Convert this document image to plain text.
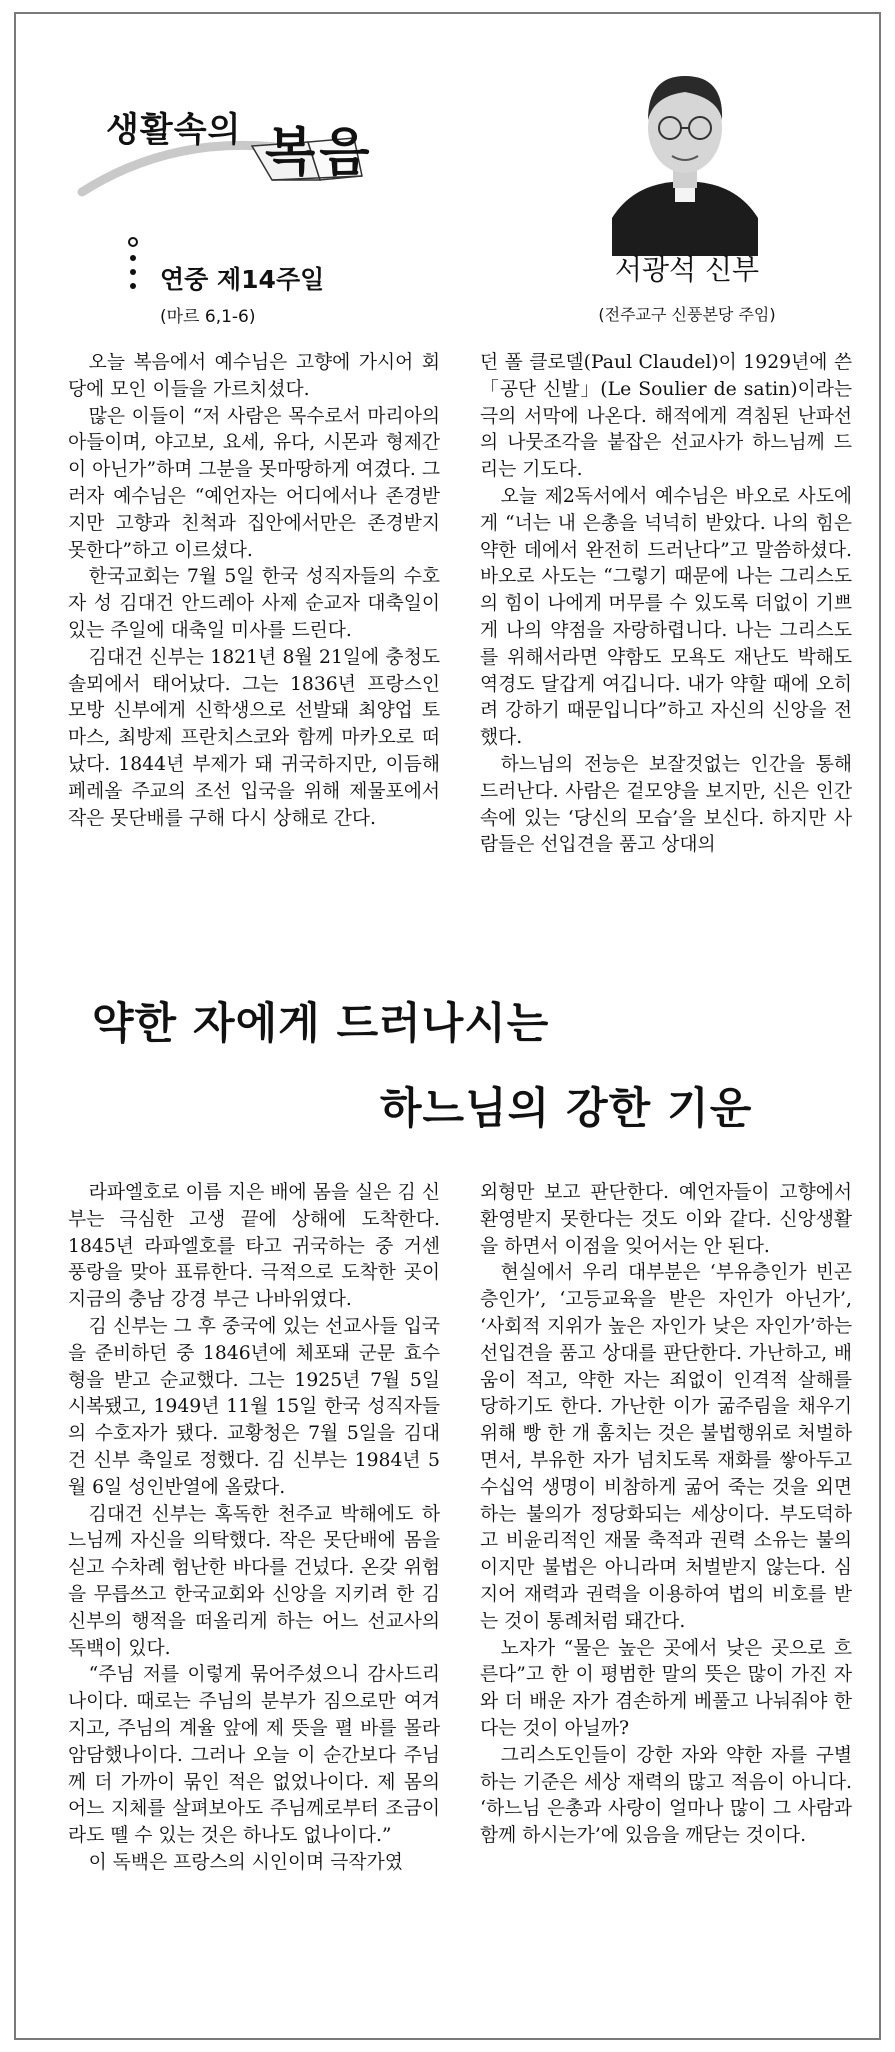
생활속의 복음
연중 제14주일
(마르 6,1-6)
서광석 신부
(전주교구 신풍본당 주임)

오늘 복음에서 예수님은 고향에 가시어 회당에 모인 이들을 가르치셨다.

많은 이들이 “저 사람은 목수로서 마리아의 아들이며, 야고보, 요세, 유다, 시몬과 형제간이 아닌가”하며 그분을 못마땅하게 여겼다. 그러자 예수님은 “예언자는 어디에서나 존경받지만 고향과 친척과 집안에서만은 존경받지 못한다”하고 이르셨다.

한국교회는 7월 5일 한국 성직자들의 수호자 성 김대건 안드레아 사제 순교자 대축일이 있는 주일에 대축일 미사를 드린다.

김대건 신부는 1821년 8월 21일에 충청도 솔뫼에서 태어났다. 그는 1836년 프랑스인 모방 신부에게 신학생으로 선발돼 최양업 토마스, 최방제 프란치스코와 함께 마카오로 떠났다. 1844년 부제가 돼 귀국하지만, 이듬해 페레올 주교의 조선 입국을 위해 제물포에서 작은 못단배를 구해 다시 상해로 간다.

던 폴 클로델(Paul Claudel)이 1929년에 쓴 「공단 신발」(Le Soulier de satin)이라는 극의 서막에 나온다. 해적에게 격침된 난파선의 나뭇조각을 붙잡은 선교사가 하느님께 드리는 기도다.

오늘 제2독서에서 예수님은 바오로 사도에게 “너는 내 은총을 넉넉히 받았다. 나의 힘은 약한 데에서 완전히 드러난다”고 말씀하셨다. 바오로 사도는 “그렇기 때문에 나는 그리스도의 힘이 나에게 머무를 수 있도록 더없이 기쁘게 나의 약점을 자랑하렵니다. 나는 그리스도를 위해서라면 약함도 모욕도 재난도 박해도 역경도 달갑게 여깁니다. 내가 약할 때에 오히려 강하기 때문입니다”하고 자신의 신앙을 전했다.

하느님의 전능은 보잘것없는 인간을 통해 드러난다. 사람은 겉모양을 보지만, 신은 인간 속에 있는 ‘당신의 모습’을 보신다. 하지만 사람들은 선입견을 품고 상대의

약한 자에게 드러나시는
하느님의 강한 기운

라파엘호로 이름 지은 배에 몸을 실은 김 신부는 극심한 고생 끝에 상해에 도착한다. 1845년 라파엘호를 타고 귀국하는 중 거센 풍랑을 맞아 표류한다. 극적으로 도착한 곳이 지금의 충남 강경 부근 나바위였다.

김 신부는 그 후 중국에 있는 선교사들 입국을 준비하던 중 1846년에 체포돼 군문 효수형을 받고 순교했다. 그는 1925년 7월 5일 시복됐고, 1949년 11월 15일 한국 성직자들의 수호자가 됐다. 교황청은 7월 5일을 김대건 신부 축일로 정했다. 김 신부는 1984년 5월 6일 성인반열에 올랐다.

김대건 신부는 혹독한 천주교 박해에도 하느님께 자신을 의탁했다. 작은 못단배에 몸을 싣고 수차례 험난한 바다를 건넜다. 온갖 위험을 무릅쓰고 한국교회와 신앙을 지키려 한 김 신부의 행적을 떠올리게 하는 어느 선교사의 독백이 있다.

“주님 저를 이렇게 묶어주셨으니 감사드리나이다. 때로는 주님의 분부가 짐으로만 여겨지고, 주님의 계율 앞에 제 뜻을 펼 바를 몰라 암담했나이다. 그러나 오늘 이 순간보다 주님께 더 가까이 묶인 적은 없었나이다. 제 몸의 어느 지체를 살펴보아도 주님께로부터 조금이라도 뗄 수 있는 것은 하나도 없나이다.”

이 독백은 프랑스의 시인이며 극작가였

외형만 보고 판단한다. 예언자들이 고향에서 환영받지 못한다는 것도 이와 같다. 신앙생활을 하면서 이점을 잊어서는 안 된다.

현실에서 우리 대부분은 ‘부유층인가 빈곤층인가’, ‘고등교육을 받은 자인가 아닌가’, ‘사회적 지위가 높은 자인가 낮은 자인가’하는 선입견을 품고 상대를 판단한다. 가난하고, 배움이 적고, 약한 자는 죄없이 인격적 살해를 당하기도 한다. 가난한 이가 굶주림을 채우기 위해 빵 한 개 훔치는 것은 불법행위로 처벌하면서, 부유한 자가 넘치도록 재화를 쌓아두고 수십억 생명이 비참하게 굶어 죽는 것을 외면하는 불의가 정당화되는 세상이다. 부도덕하고 비윤리적인 재물 축적과 권력 소유는 불의이지만 불법은 아니라며 처벌받지 않는다. 심지어 재력과 권력을 이용하여 법의 비호를 받는 것이 통례처럼 돼간다.

노자가 “물은 높은 곳에서 낮은 곳으로 흐른다”고 한 이 평범한 말의 뜻은 많이 가진 자와 더 배운 자가 겸손하게 베풀고 나눠줘야 한다는 것이 아닐까?

그리스도인들이 강한 자와 약한 자를 구별하는 기준은 세상 재력의 많고 적음이 아니다. ‘하느님 은총과 사랑이 얼마나 많이 그 사람과 함께 하시는가’에 있음을 깨닫는 것이다.
